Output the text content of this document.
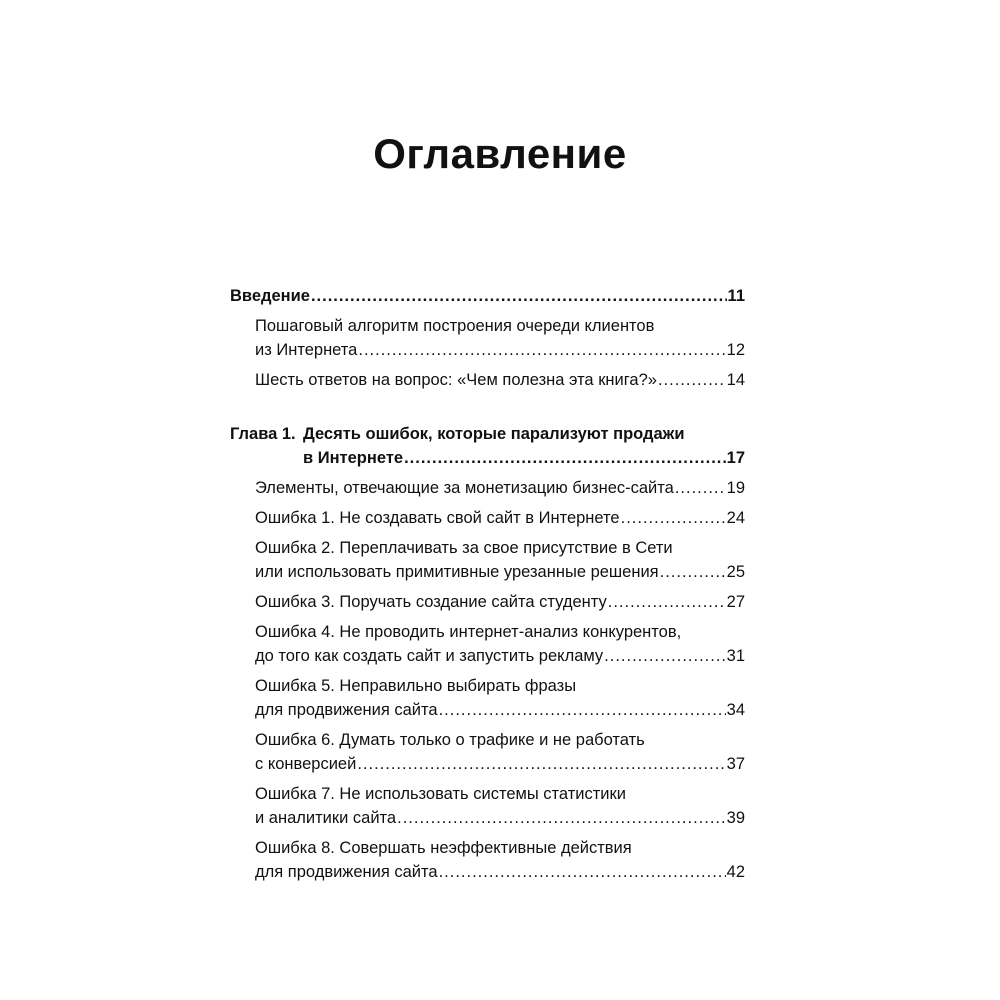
Оглавление
Введение .....	11
Пошаговый алгоритм построения очереди клиентов
из Интернета .....	12
Шесть ответов на вопрос: «Чем полезна эта книга?» .....	14
Глава 1. Десять ошибок, которые парализуют продажи
в Интернете .....	17
Элементы, отвечающие за монетизацию бизнес-сайта .....	19
Ошибка 1. Не создавать свой сайт в Интернете .....	24
Ошибка 2. Переплачивать за свое присутствие в Сети
или использовать примитивные урезанные решения .....	25
Ошибка 3. Поручать создание сайта студенту .....	27
Ошибка 4. Не проводить интернет-анализ конкурентов,
до того как создать сайт и запустить рекламу .....	31
Ошибка 5. Неправильно выбирать фразы
для продвижения сайта .....	34
Ошибка 6. Думать только о трафике и не работать
с конверсией .....	37
Ошибка 7. Не использовать системы статистики
и аналитики сайта .....	39
Ошибка 8. Совершать неэффективные действия
для продвижения сайта .....	42
